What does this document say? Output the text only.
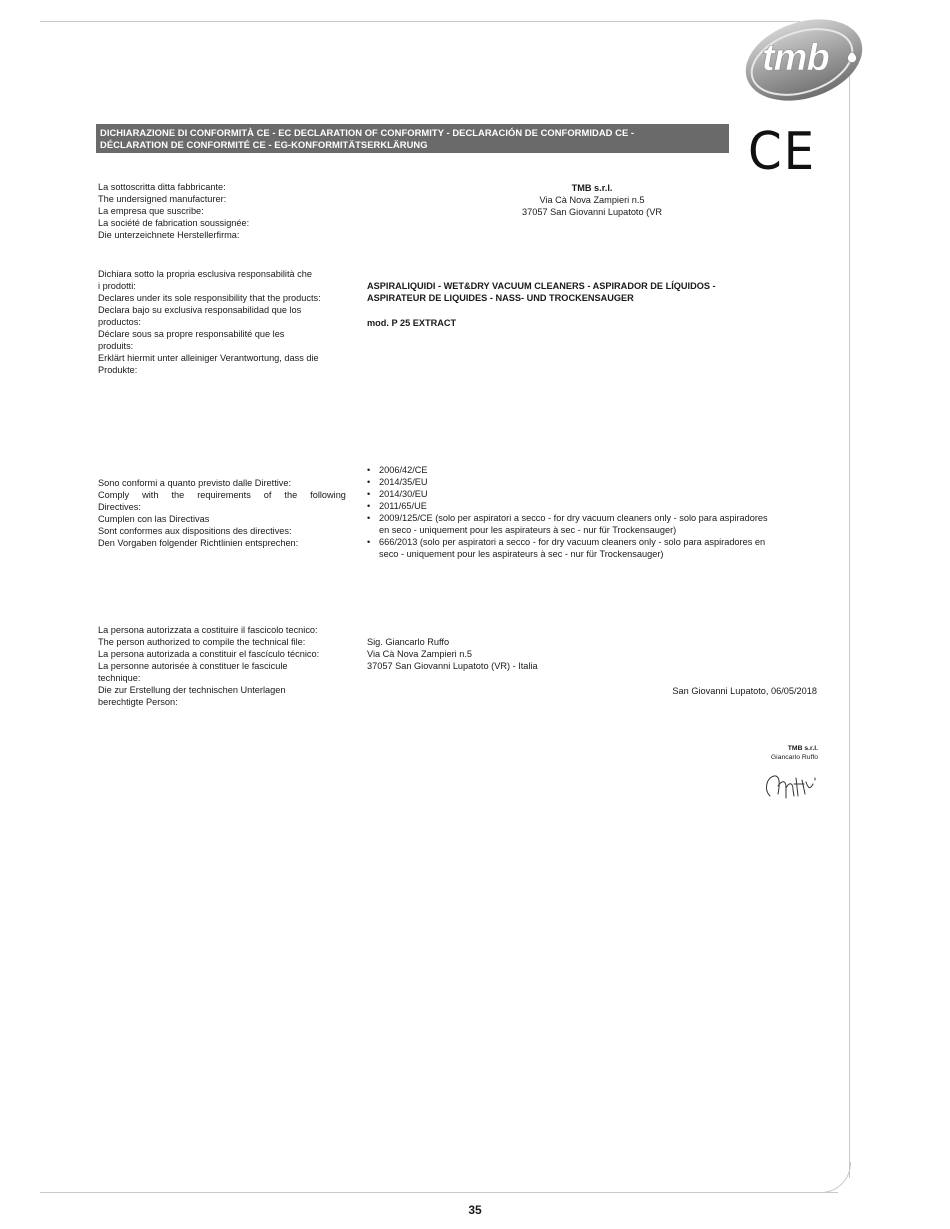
tmb
DICHIARAZIONE DI CONFORMITÀ CE - EC DECLARATION OF CONFORMITY - DECLARACIÓN DE CONFORMIDAD CE -
DÉCLARATION DE CONFORMITÉ CE - EG-KONFORMITÄTSERKLÄRUNG	CE
La sottoscritta ditta fabbricante:
The undersigned manufacturer:
La empresa que suscribe:
La société de fabrication soussignée:
Die unterzeichnete Herstellerfirma:
TMB s.r.l.
Via Cà Nova Zampieri n.5
37057 San Giovanni Lupatoto (VR
Dichiara sotto la propria esclusiva responsabilità che
i prodotti:
Declares under its sole responsibility that the products:
Declara bajo su exclusiva responsabilidad que los
productos:
Déclare sous sa propre responsabilité que les
produits:
Erklärt hiermit unter alleiniger Verantwortung, dass die
Produkte:
ASPIRALIQUIDI - WET&DRY VACUUM CLEANERS - ASPIRADOR DE LÍQUIDOS -
ASPIRATEUR DE LIQUIDES - NASS- UND TROCKENSAUGER
mod. P 25 EXTRACT
Sono conformi a quanto previsto dalle Direttive:
Comply with the requirements of the following
Directives:
Cumplen con las Directivas
Sont conformes aux dispositions des directives:
Den Vorgaben folgender Richtlinien entsprechen:
• 2006/42/CE
• 2014/35/EU
• 2014/30/EU
• 2011/65/UE
• 2009/125/CE (solo per aspiratori a secco - for dry vacuum cleaners only - solo para aspiradores
en seco - uniquement pour les aspirateurs à sec - nur für Trockensauger)
• 666/2013 (solo per aspiratori a secco - for dry vacuum cleaners only - solo para aspiradores en
seco - uniquement pour les aspirateurs à sec - nur für Trockensauger)
La persona autorizzata a costituire il fascicolo tecnico:
The person authorized to compile the technical file:
La persona autorizada a constituir el fascículo técnico:
La personne autorisée à constituer le fascicule
technique:
Die zur Erstellung der technischen Unterlagen
berechtigte Person:
Sig. Giancarlo Ruffo
Via Cà Nova Zampieri n.5
37057 San Giovanni Lupatoto (VR) - Italia
San Giovanni Lupatoto, 06/05/2018
TMB s.r.l.
Giancarlo Ruffo
35
